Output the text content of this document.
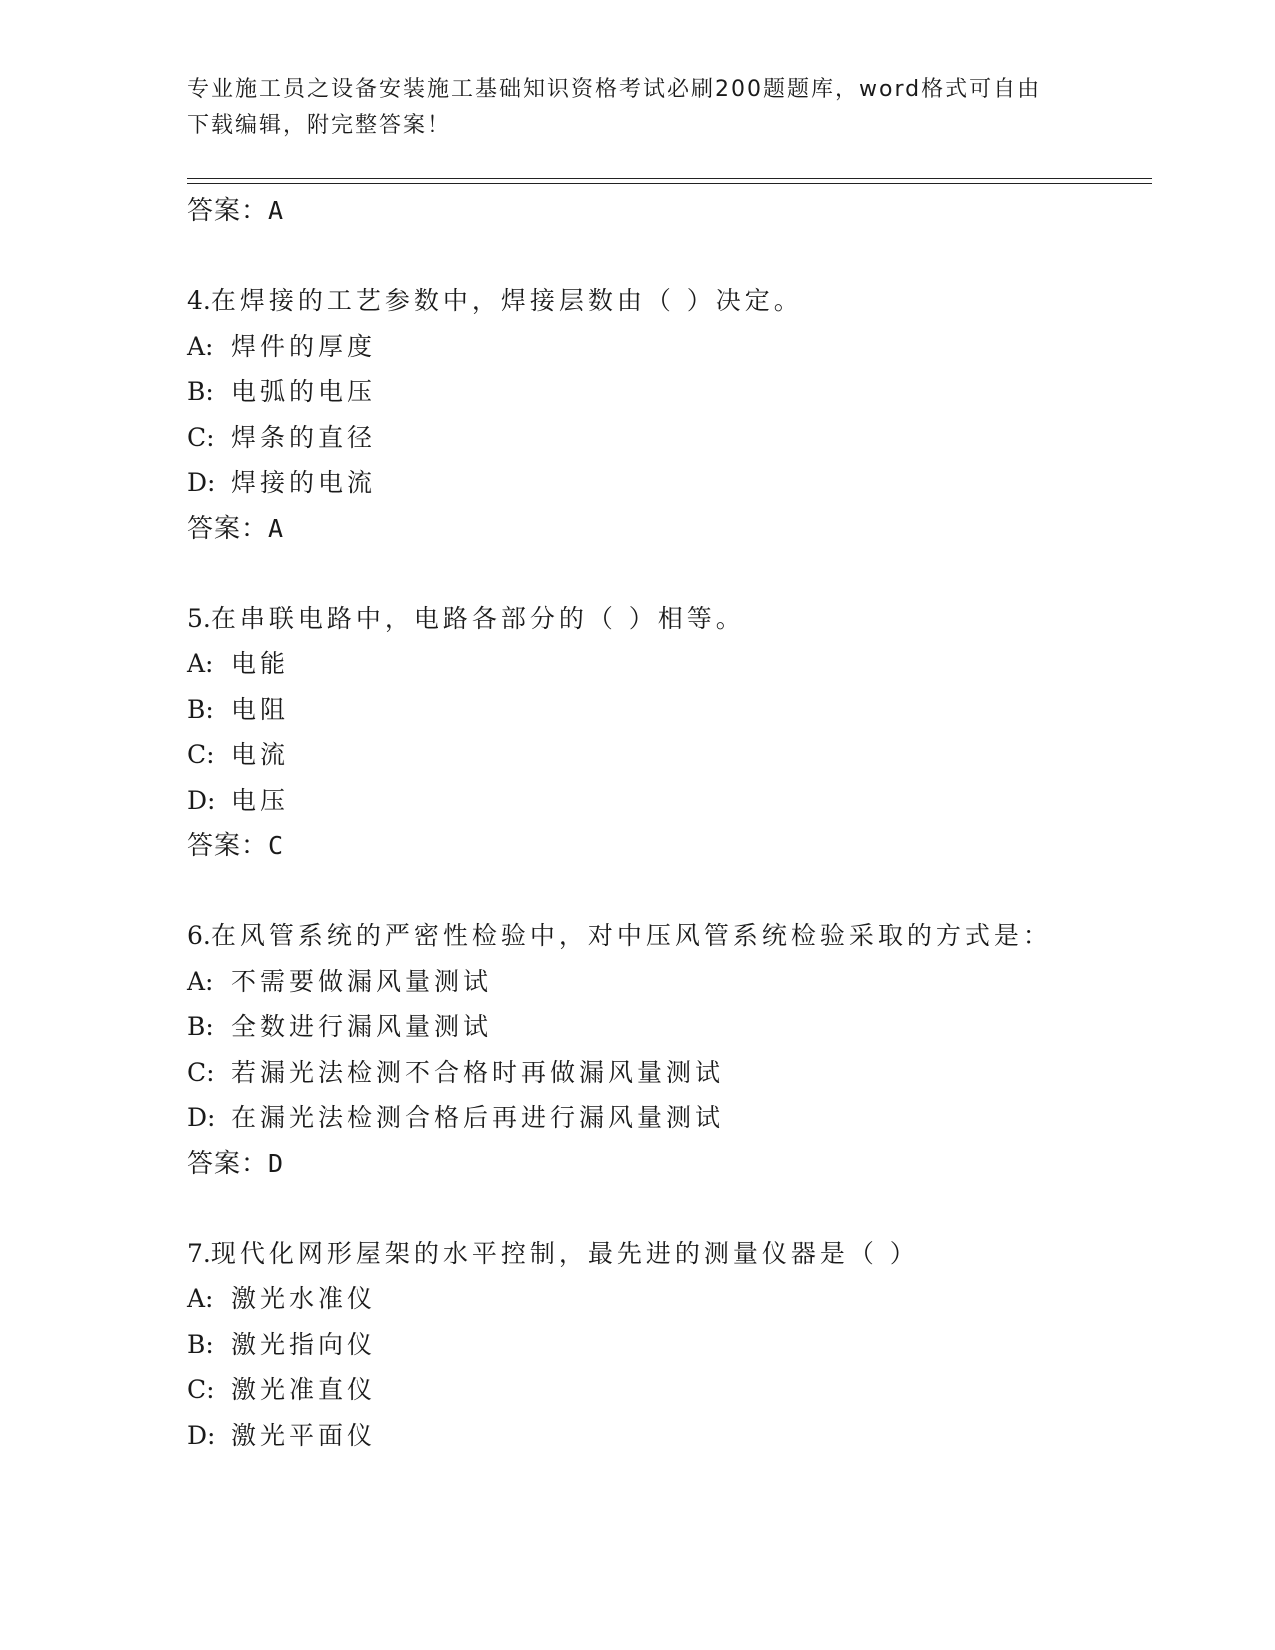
专业施工员之设备安装施工基础知识资格考试必刷200题题库，word格式可自由
下载编辑，附完整答案！
答案：A
4.在焊接的工艺参数中，焊接层数由（ ）决定。
A: 焊件的厚度
B: 电弧的电压
C: 焊条的直径
D: 焊接的电流
答案：A
5.在串联电路中，电路各部分的（ ）相等。
A: 电能
B: 电阻
C: 电流
D: 电压
答案：C
6.在风管系统的严密性检验中，对中压风管系统检验采取的方式是：
A: 不需要做漏风量测试
B: 全数进行漏风量测试
C: 若漏光法检测不合格时再做漏风量测试
D: 在漏光法检测合格后再进行漏风量测试
答案：D
7.现代化网形屋架的水平控制，最先进的测量仪器是（ ）
A: 激光水准仪
B: 激光指向仪
C: 激光准直仪
D: 激光平面仪
